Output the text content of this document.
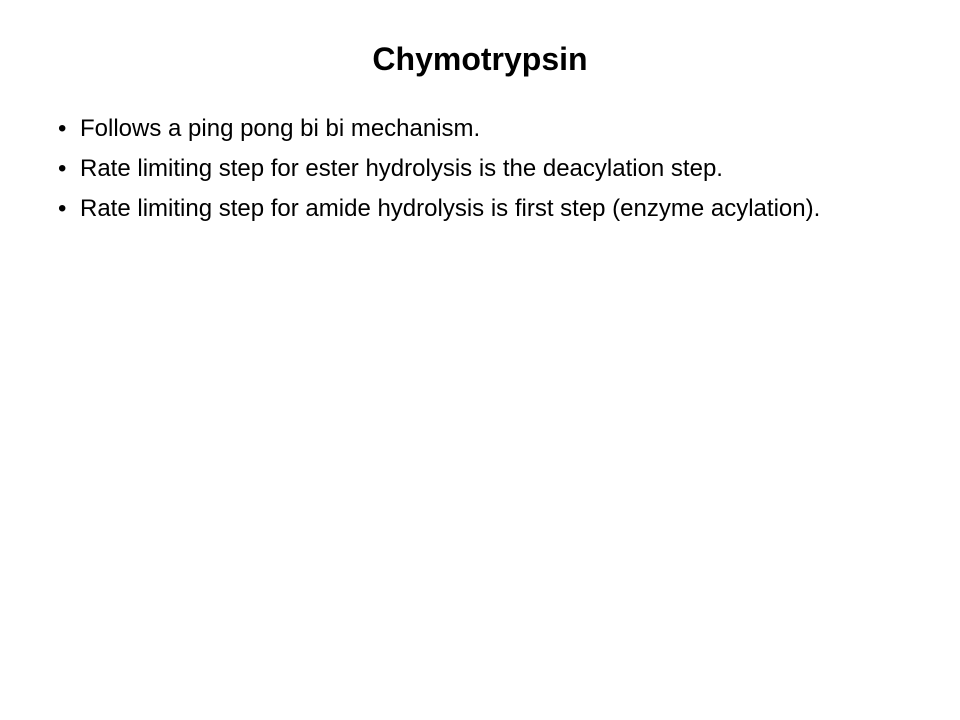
Chymotrypsin
• Follows a ping pong bi bi mechanism.
• Rate limiting step for ester hydrolysis is the deacylation step.
• Rate limiting step for amide hydrolysis is first step (enzyme acylation).
